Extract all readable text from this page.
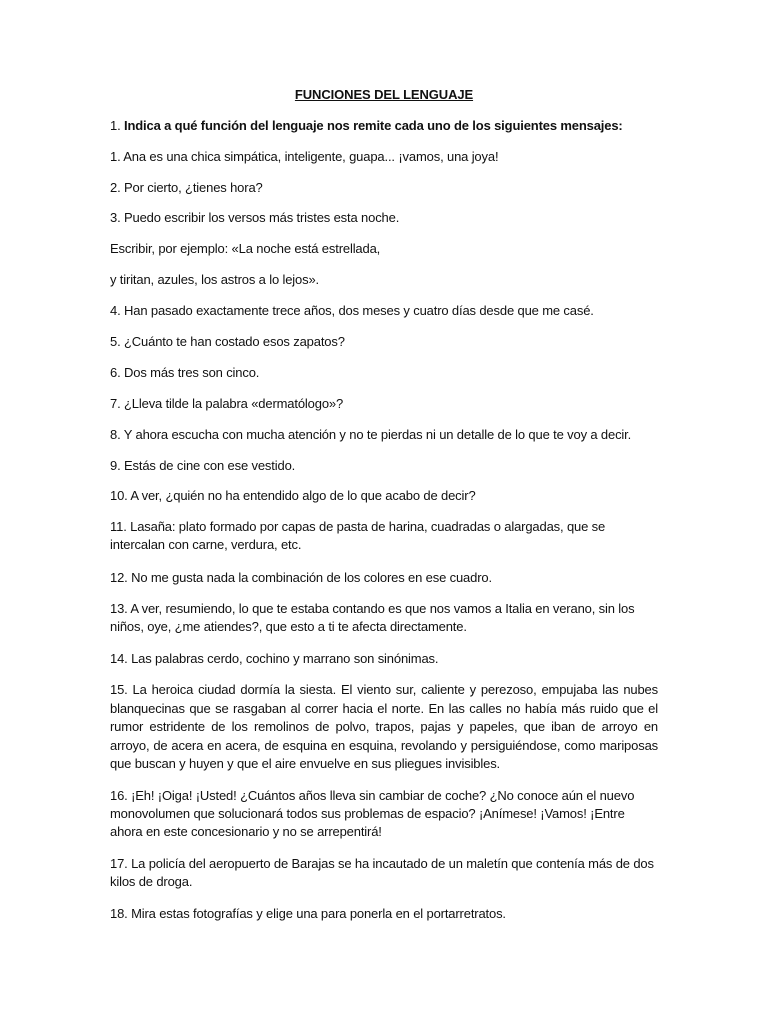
FUNCIONES DEL LENGUAJE
1. Indica a qué función del lenguaje nos remite cada uno de los siguientes mensajes:
1. Ana es una chica simpática, inteligente, guapa... ¡vamos, una joya!
2. Por cierto, ¿tienes hora?
3. Puedo escribir los versos más tristes esta noche.
Escribir, por ejemplo: «La noche está estrellada,
y tiritan, azules, los astros a lo lejos».
4. Han pasado exactamente trece años, dos meses y cuatro días desde que me casé.
5. ¿Cuánto te han costado esos zapatos?
6. Dos más tres son cinco.
7. ¿Lleva tilde la palabra «dermatólogo»?
8. Y ahora escucha con mucha atención y no te pierdas ni un detalle de lo que te voy a decir.
9. Estás de cine con ese vestido.
10. A ver, ¿quién no ha entendido algo de lo que acabo de decir?
11. Lasaña: plato formado por capas de pasta de harina, cuadradas o alargadas, que se intercalan con carne, verdura, etc.
12. No me gusta nada la combinación de los colores en ese cuadro.
13. A ver, resumiendo, lo que te estaba contando es que nos vamos a Italia en verano, sin los niños, oye, ¿me atiendes?, que esto a ti te afecta directamente.
14. Las palabras cerdo, cochino y marrano son sinónimas.
15. La heroica ciudad dormía la siesta. El viento sur, caliente y perezoso, empujaba las nubes blanquecinas que se rasgaban al correr hacia el norte. En las calles no había más ruido que el rumor estridente de los remolinos de polvo, trapos, pajas y papeles, que iban de arroyo en arroyo, de acera en acera, de esquina en esquina, revolando y persiguiéndose, como mariposas que buscan y huyen y que el aire envuelve en sus pliegues invisibles.
16. ¡Eh! ¡Oiga! ¡Usted! ¿Cuántos años lleva sin cambiar de coche? ¿No conoce aún el nuevo monovolumen que solucionará todos sus problemas de espacio? ¡Anímese! ¡Vamos! ¡Entre ahora en este concesionario y no se arrepentirá!
17. La policía del aeropuerto de Barajas se ha incautado de un maletín que contenía más de dos kilos de droga.
18. Mira estas fotografías y elige una para ponerla en el portarretratos.
